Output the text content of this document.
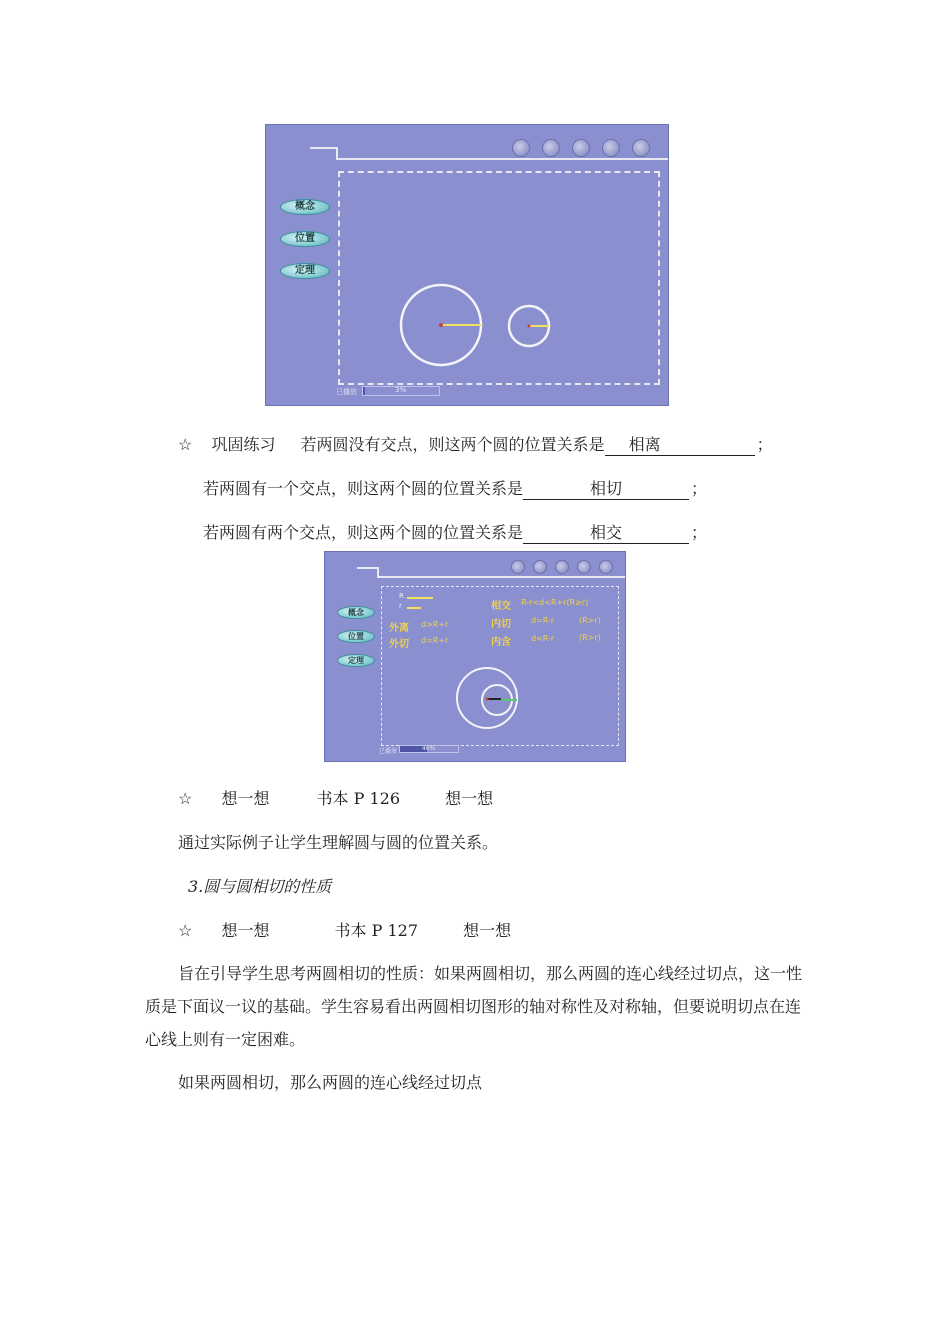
概念
位置
定理
已播放	3%
☆ 巩固练习 若两圆没有交点，则这两个圆的位置关系是 相离	；
若两圆有一个交点，则这两个圆的位置关系是	相切	；
若两圆有两个交点，则这两个圆的位置关系是	相交	；
概念
位置
定理
R
r
外离 d>R+r
外切 d=R+r
相交 R-r<d<R+r(R≥r)
内切	d=R-r	(R>r)
内含	d<R-r	(R>r)
已播放	46%
☆ 想一想	书本 P 126	想一想
通过实际例子让学生理解圆与圆的位置关系。
3.圆与圆相切的性质
☆ 想一想	书本 P 127	想一想
旨在引导学生思考两圆相切的性质：如果两圆相切，那么两圆的连心线经过切点，这一性质是下面议一议的基础。学生容易看出两圆相切图形的轴对称性及对称轴，但要说明切点在连心线上则有一定困难。
如果两圆相切，那么两圆的连心线经过切点
